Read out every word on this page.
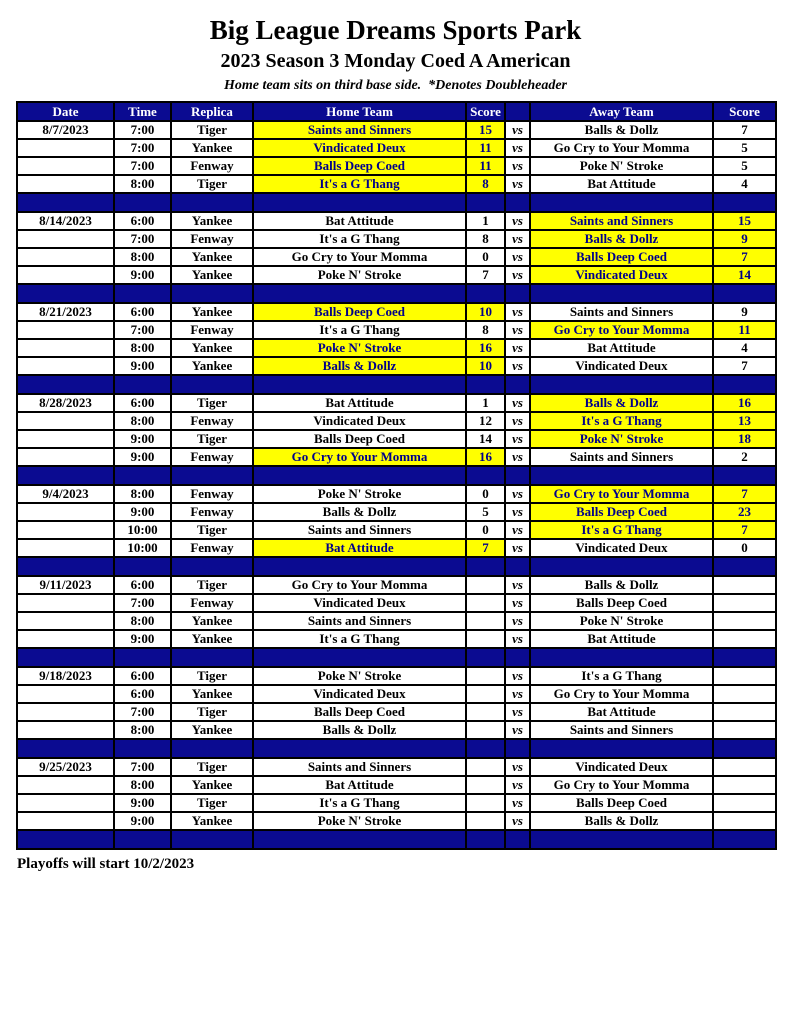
Big League Dreams Sports Park
2023 Season 3 Monday Coed A American
Home team sits on third base side.  *Denotes Doubleheader
Date	Time	Replica	Home Team	Score		Away Team	Score
8/7/2023	7:00	Tiger	Saints and Sinners	15	vs	Balls & Dollz	7
	7:00	Yankee	Vindicated Deux	11	vs	Go Cry to Your Momma	5
	7:00	Fenway	Balls Deep Coed	11	vs	Poke N' Stroke	5
	8:00	Tiger	It's a G Thang	8	vs	Bat Attitude	4

8/14/2023	6:00	Yankee	Bat Attitude	1	vs	Saints and Sinners	15
	7:00	Fenway	It's a G Thang	8	vs	Balls & Dollz	9
	8:00	Yankee	Go Cry to Your Momma	0	vs	Balls Deep Coed	7
	9:00	Yankee	Poke N' Stroke	7	vs	Vindicated Deux	14

8/21/2023	6:00	Yankee	Balls Deep Coed	10	vs	Saints and Sinners	9
	7:00	Fenway	It's a G Thang	8	vs	Go Cry to Your Momma	11
	8:00	Yankee	Poke N' Stroke	16	vs	Bat Attitude	4
	9:00	Yankee	Balls & Dollz	10	vs	Vindicated Deux	7

8/28/2023	6:00	Tiger	Bat Attitude	1	vs	Balls & Dollz	16
	8:00	Fenway	Vindicated Deux	12	vs	It's a G Thang	13
	9:00	Tiger	Balls Deep Coed	14	vs	Poke N' Stroke	18
	9:00	Fenway	Go Cry to Your Momma	16	vs	Saints and Sinners	2

9/4/2023	8:00	Fenway	Poke N' Stroke	0	vs	Go Cry to Your Momma	7
	9:00	Fenway	Balls & Dollz	5	vs	Balls Deep Coed	23
	10:00	Tiger	Saints and Sinners	0	vs	It's a G Thang	7
	10:00	Fenway	Bat Attitude	7	vs	Vindicated Deux	0

9/11/2023	6:00	Tiger	Go Cry to Your Momma		vs	Balls & Dollz	
	7:00	Fenway	Vindicated Deux		vs	Balls Deep Coed	
	8:00	Yankee	Saints and Sinners		vs	Poke N' Stroke	
	9:00	Yankee	It's a G Thang		vs	Bat Attitude	

9/18/2023	6:00	Tiger	Poke N' Stroke		vs	It's a G Thang	
	6:00	Yankee	Vindicated Deux		vs	Go Cry to Your Momma	
	7:00	Tiger	Balls Deep Coed		vs	Bat Attitude	
	8:00	Yankee	Balls & Dollz		vs	Saints and Sinners	

9/25/2023	7:00	Tiger	Saints and Sinners		vs	Vindicated Deux	
	8:00	Yankee	Bat Attitude		vs	Go Cry to Your Momma	
	9:00	Tiger	It's a G Thang		vs	Balls Deep Coed	
	9:00	Yankee	Poke N' Stroke		vs	Balls & Dollz	

Playoffs will start 10/2/2023
